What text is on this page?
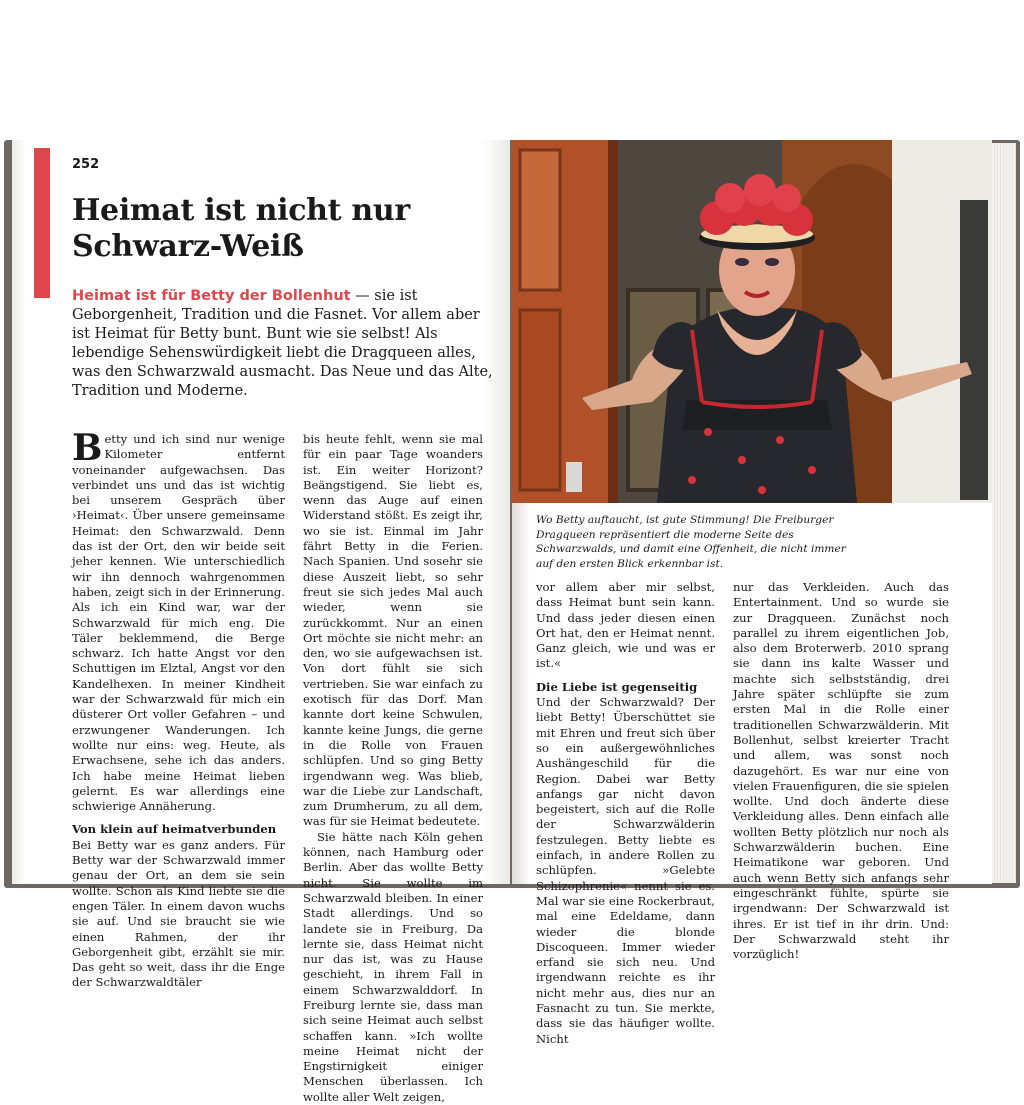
252
Heimat ist nicht nur Schwarz-Weiß

Heimat ist für Betty der Bollenhut — sie ist Geborgenheit, Tradition und die Fasnet. Vor allem aber ist Heimat für Betty bunt. Bunt wie sie selbst! Als lebendige Sehenswürdigkeit liebt die Dragqueen alles, was den Schwarzwald ausmacht. Das Neue und das Alte, Tradition und Moderne.

Betty und ich sind nur wenige Kilometer entfernt voneinander aufgewachsen. Das verbindet uns und das ist wichtig bei unserem Gespräch über ›Heimat‹. Über unsere gemeinsame Heimat: den Schwarzwald. Denn das ist der Ort, den wir beide seit jeher kennen. Wie unterschiedlich wir ihn dennoch wahrgenommen haben, zeigt sich in der Erinnerung. Als ich ein Kind war, war der Schwarzwald für mich eng. Die Täler beklemmend, die Berge schwarz. Ich hatte Angst vor den Schuttigen im Elztal, Angst vor den Kandelhexen. In meiner Kindheit war der Schwarzwald für mich ein düsterer Ort voller Gefahren – und erzwungener Wanderungen. Ich wollte nur eins: weg. Heute, als Erwachsene, sehe ich das anders. Ich habe meine Heimat lieben gelernt. Es war allerdings eine schwierige Annäherung.

Von klein auf heimatverbunden

Bei Betty war es ganz anders. Für Betty war der Schwarzwald immer genau der Ort, an dem sie sein wollte. Schon als Kind liebte sie die engen Täler. In einem davon wuchs sie auf. Und sie braucht sie wie einen Rahmen, der ihr Geborgenheit gibt, erzählt sie mir. Das geht so weit, dass ihr die Enge der Schwarzwaldtäler

bis heute fehlt, wenn sie mal für ein paar Tage woanders ist. Ein weiter Horizont? Beängstigend. Sie liebt es, wenn das Auge auf einen Widerstand stößt. Es zeigt ihr, wo sie ist. Einmal im Jahr fährt Betty in die Ferien. Nach Spanien. Und sosehr sie diese Auszeit liebt, so sehr freut sie sich jedes Mal auch wieder, wenn sie zurückkommt. Nur an einen Ort möchte sie nicht mehr: an den, wo sie aufgewachsen ist. Von dort fühlt sie sich vertrieben. Sie war einfach zu exotisch für das Dorf. Man kannte dort keine Schwulen, kannte keine Jungs, die gerne in die Rolle von Frauen schlüpfen. Und so ging Betty irgendwann weg. Was blieb, war die Liebe zur Landschaft, zum Drumherum, zu all dem, was für sie Heimat bedeutete.

Sie hätte nach Köln gehen können, nach Hamburg oder Berlin. Aber das wollte Betty nicht. Sie wollte im Schwarzwald bleiben. In einer Stadt allerdings. Und so landete sie in Freiburg. Da lernte sie, dass Heimat nicht nur das ist, was zu Hause geschieht, in ihrem Fall in einem Schwarzwalddorf. In Freiburg lernte sie, dass man sich seine Heimat auch selbst schaffen kann. »Ich wollte meine Heimat nicht der Engstirnigkeit einiger Menschen überlassen. Ich wollte aller Welt zeigen,

Wo Betty auftaucht, ist gute Stimmung! Die Freiburger Dragqueen repräsentiert die moderne Seite des Schwarzwalds, und damit eine Offenheit, die nicht immer auf den ersten Blick erkennbar ist.

vor allem aber mir selbst, dass Heimat bunt sein kann. Und dass jeder diesen einen Ort hat, den er Heimat nennt. Ganz gleich, wie und was er ist.«

Die Liebe ist gegenseitig

Und der Schwarzwald? Der liebt Betty! Überschüttet sie mit Ehren und freut sich über so ein außergewöhnliches Aushängeschild für die Region. Dabei war Betty anfangs gar nicht davon begeistert, sich auf die Rolle der Schwarzwälderin festzulegen. Betty liebte es einfach, in andere Rollen zu schlüpfen. »Gelebte Schizophrenie« nennt sie es. Mal war sie eine Rockerbraut, mal eine Edeldame, dann wieder die blonde Discoqueen. Immer wieder erfand sie sich neu. Und irgendwann reichte es ihr nicht mehr aus, dies nur an Fasnacht zu tun. Sie merkte, dass sie das häufiger wollte. Nicht

nur das Verkleiden. Auch das Entertainment. Und so wurde sie zur Dragqueen. Zunächst noch parallel zu ihrem eigentlichen Job, also dem Broterwerb. 2010 sprang sie dann ins kalte Wasser und machte sich selbstständig, drei Jahre später schlüpfte sie zum ersten Mal in die Rolle einer traditionellen Schwarzwälderin. Mit Bollenhut, selbst kreierter Tracht und allem, was sonst noch dazugehört. Es war nur eine von vielen Frauenfiguren, die sie spielen wollte. Und doch änderte diese Verkleidung alles. Denn einfach alle wollten Betty plötzlich nur noch als Schwarzwälderin buchen. Eine Heimatikone war geboren. Und auch wenn Betty sich anfangs sehr eingeschränkt fühlte, spürte sie irgendwann: Der Schwarzwald ist ihres. Er ist tief in ihr drin. Und: Der Schwarzwald steht ihr vorzüglich!
